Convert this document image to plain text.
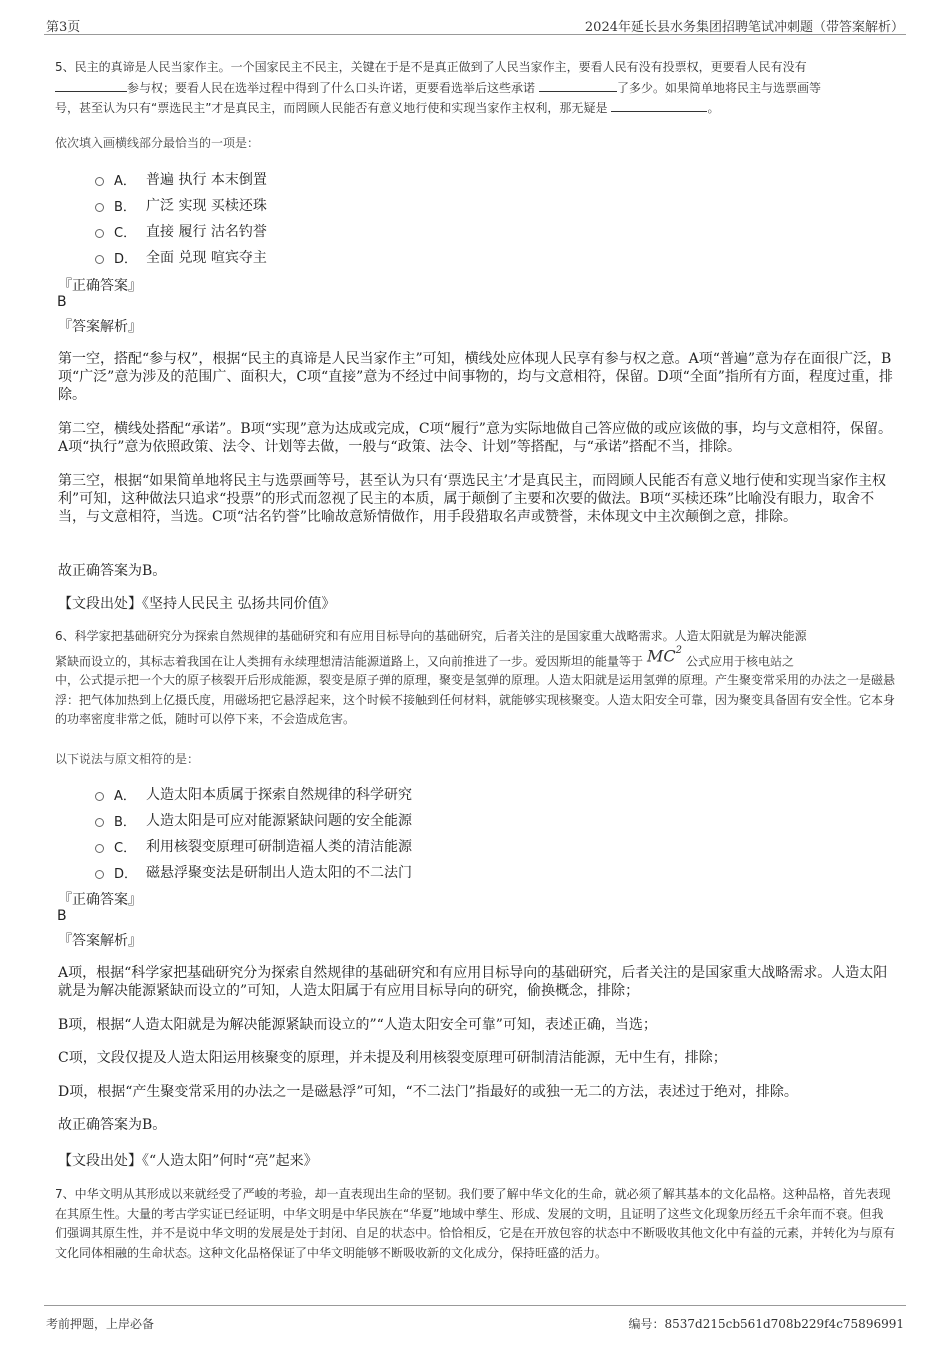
第3页	2024年延长县水务集团招聘笔试冲刺题（带答案解析）
5、民主的真谛是人民当家作主。一个国家民主不民主，关键在于是不是真正做到了人民当家作主，要看人民有没有投票权，更要看人民有没有
参与权；要看人民在选举过程中得到了什么口头许诺，更要看选举后这些承诺	了多少。如果简单地将民主与选票画等
号，甚至认为只有“票选民主”才是真民主，而罔顾人民能否有意义地行使和实现当家作主权利，那无疑是	。
依次填入画横线部分最恰当的一项是：
A． 普遍 执行 本末倒置
B． 广泛 实现 买椟还珠
C． 直接 履行 沽名钓誉
D． 全面 兑现 喧宾夺主
『正确答案』
B
『答案解析』
第一空，搭配“参与权”，根据“民主的真谛是人民当家作主”可知，横线处应体现人民享有参与权之意。A项“普遍”意为存在面很广泛，B项“广泛”意为涉及的范围广、面积大，C项“直接”意为不经过中间事物的，均与文意相符，保留。D项“全面”指所有方面，程度过重，排除。
第二空，横线处搭配“承诺”。B项“实现”意为达成或完成，C项“履行”意为实际地做自己答应做的或应该做的事，均与文意相符，保留。A项“执行”意为依照政策、法令、计划等去做，一般与“政策、法令、计划”等搭配，与“承诺”搭配不当，排除。
第三空，根据“如果简单地将民主与选票画等号，甚至认为只有‘票选民主’才是真民主，而罔顾人民能否有意义地行使和实现当家作主权利”可知，这种做法只追求“投票”的形式而忽视了民主的本质，属于颠倒了主要和次要的做法。B项“买椟还珠”比喻没有眼力，取舍不当，与文意相符，当选。C项“沽名钓誉”比喻故意矫情做作，用手段猎取名声或赞誉，未体现文中主次颠倒之意，排除。
故正确答案为B。
【文段出处】《坚持人民民主 弘扬共同价值》
6、科学家把基础研究分为探索自然规律的基础研究和有应用目标导向的基础研究，后者关注的是国家重大战略需求。人造太阳就是为解决能源
紧缺而设立的，其标志着我国在让人类拥有永续理想清洁能源道路上，又向前推进了一步。爱因斯坦的能量等于 $MC^2$公式应用于核电站之
中，公式提示把一个大的原子核裂开后形成能源，裂变是原子弹的原理，聚变是氢弹的原理。人造太阳就是运用氢弹的原理。产生聚变常采用的办法之一是磁悬浮：把气体加热到上亿摄氏度，用磁场把它悬浮起来，这个时候不接触到任何材料，就能够实现核聚变。人造太阳安全可靠，因为聚变具备固有安全性。它本身的功率密度非常之低，随时可以停下来，不会造成危害。
以下说法与原文相符的是：
A． 人造太阳本质属于探索自然规律的科学研究
B． 人造太阳是可应对能源紧缺问题的安全能源
C． 利用核裂变原理可研制造福人类的清洁能源
D． 磁悬浮聚变法是研制出人造太阳的不二法门
『正确答案』
B
『答案解析』
A项，根据“科学家把基础研究分为探索自然规律的基础研究和有应用目标导向的基础研究，后者关注的是国家重大战略需求。人造太阳就是为解决能源紧缺而设立的”可知，人造太阳属于有应用目标导向的研究，偷换概念，排除；
B项，根据“人造太阳就是为解决能源紧缺而设立的”“人造太阳安全可靠”可知，表述正确，当选；
C项，文段仅提及人造太阳运用核聚变的原理，并未提及利用核裂变原理可研制清洁能源，无中生有，排除；
D项，根据“产生聚变常采用的办法之一是磁悬浮”可知，“不二法门”指最好的或独一无二的方法，表述过于绝对，排除。
故正确答案为B。
【文段出处】《“人造太阳”何时“亮”起来》
7、中华文明从其形成以来就经受了严峻的考验，却一直表现出生命的坚韧。我们要了解中华文化的生命，就必须了解其基本的文化品格。这种品格，首先表现在其原生性。大量的考古学实证已经证明，中华文明是中华民族在“华夏”地域中孳生、形成、发展的文明，且证明了这些文化现象历经五千余年而不衰。但我们强调其原生性，并不是说中华文明的发展是处于封闭、自足的状态中。恰恰相反，它是在开放包容的状态中不断吸收其他文化中有益的元素，并转化为与原有文化同体相融的生命状态。这种文化品格保证了中华文明能够不断吸收新的文化成分，保持旺盛的活力。
考前押题，上岸必备	编号：8537d215cb561d708b229f4c75896991
